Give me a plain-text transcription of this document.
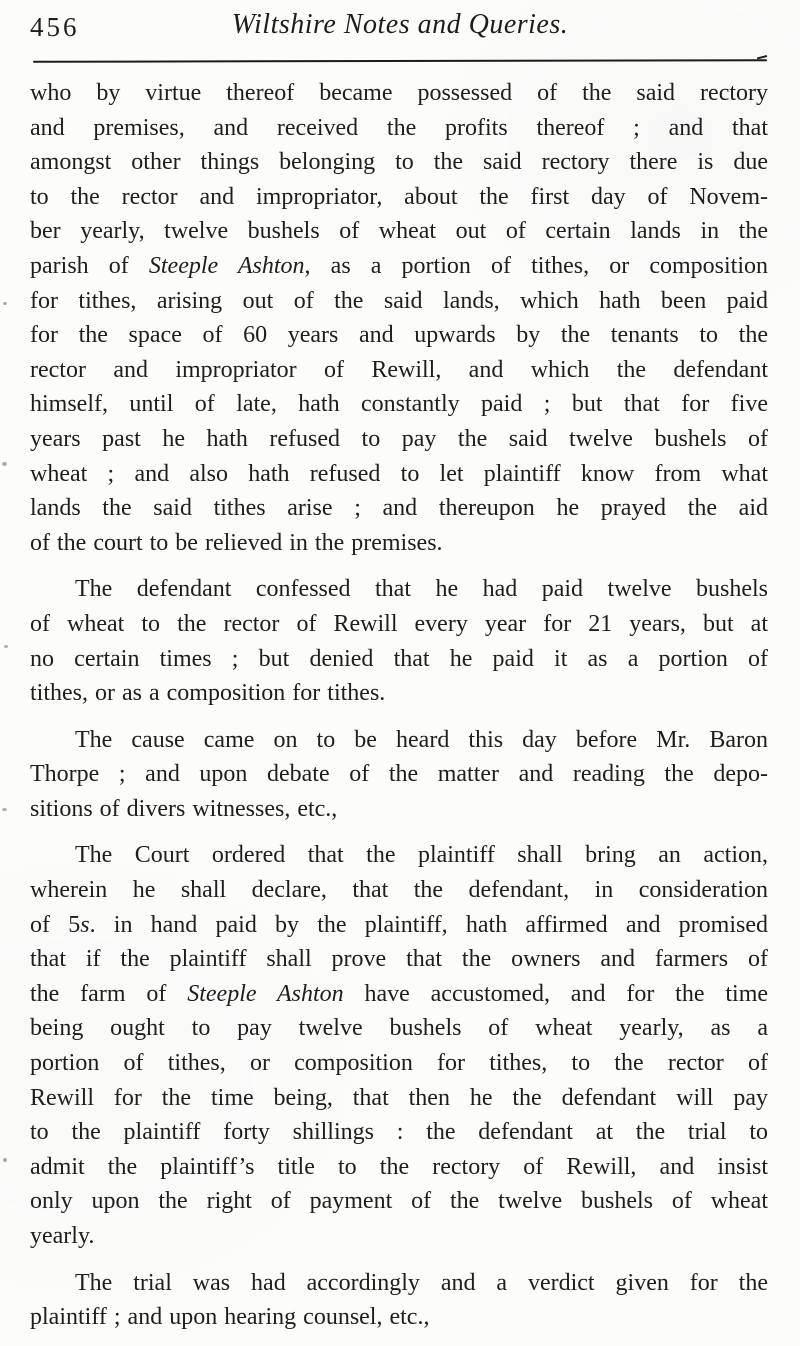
456	Wiltshire Notes and Queries.
who by virtue thereof became possessed of the said rectory
and premises, and received the profits thereof ; and that
amongst other things belonging to the said rectory there is due
to the rector and impropriator, about the first day of Novem-
ber yearly, twelve bushels of wheat out of certain lands in the
parish of Steeple Ashton, as a portion of tithes, or composition
for tithes, arising out of the said lands, which hath been paid
for the space of 60 years and upwards by the tenants to the
rector and impropriator of Rewill, and which the defendant
himself, until of late, hath constantly paid ; but that for five
years past he hath refused to pay the said twelve bushels of
wheat ; and also hath refused to let plaintiff know from what
lands the said tithes arise ; and thereupon he prayed the aid
of the court to be relieved in the premises.
The defendant confessed that he had paid twelve bushels
of wheat to the rector of Rewill every year for 21 years, but at
no certain times ; but denied that he paid it as a portion of
tithes, or as a composition for tithes.
The cause came on to be heard this day before Mr. Baron
Thorpe ; and upon debate of the matter and reading the depo-
sitions of divers witnesses, etc.,
The Court ordered that the plaintiff shall bring an action,
wherein he shall declare, that the defendant, in consideration
of 5s. in hand paid by the plaintiff, hath affirmed and promised
that if the plaintiff shall prove that the owners and farmers of
the farm of Steeple Ashton have accustomed, and for the time
being ought to pay twelve bushels of wheat yearly, as a
portion of tithes, or composition for tithes, to the rector of
Rewill for the time being, that then he the defendant will pay
to the plaintiff forty shillings : the defendant at the trial to
admit the plaintiff’s title to the rectory of Rewill, and insist
only upon the right of payment of the twelve bushels of wheat
yearly.
The trial was had accordingly and a verdict given for the
plaintiff ; and upon hearing counsel, etc.,
